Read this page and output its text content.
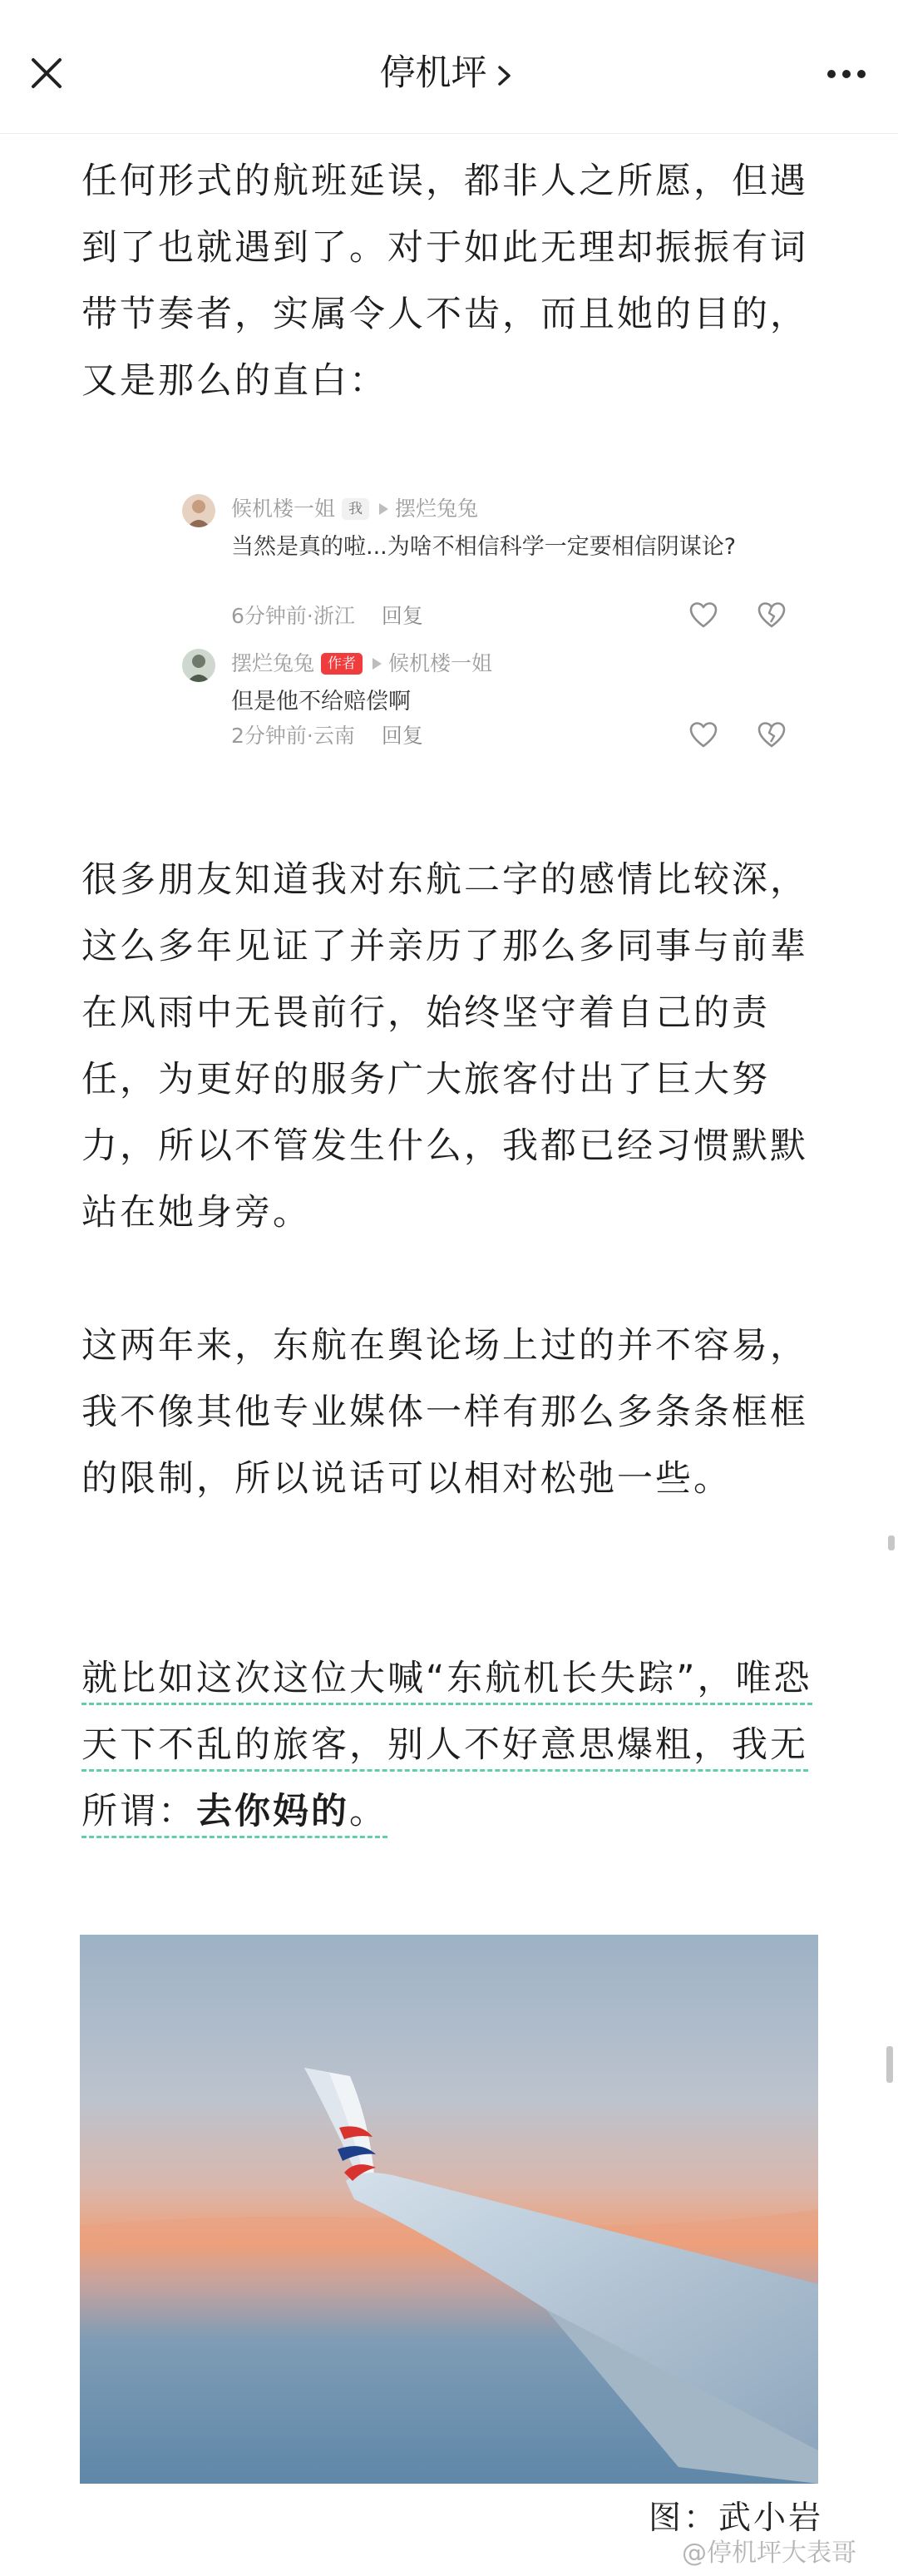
停机坪

任何形式的航班延误，都非人之所愿，但遇到了也就遇到了。对于如此无理却振振有词带节奏者，实属令人不齿，而且她的目的，又是那么的直白：

候机楼一姐 我 摆烂兔兔
当然是真的啦...为啥不相信科学一定要相信阴谋论?
6分钟前·浙江 回复
摆烂兔兔 作者 候机楼一姐
但是他不给赔偿啊
2分钟前·云南 回复

很多朋友知道我对东航二字的感情比较深，这么多年见证了并亲历了那么多同事与前辈在风雨中无畏前行，始终坚守着自己的责任，为更好的服务广大旅客付出了巨大努力，所以不管发生什么，我都已经习惯默默站在她身旁。

这两年来，东航在舆论场上过的并不容易，我不像其他专业媒体一样有那么多条条框框的限制，所以说话可以相对松弛一些。

就比如这次这位大喊“东航机长失踪”，唯恐天下不乱的旅客，别人不好意思爆粗，我无所谓：去你妈的。

图：武小岩
@停机坪大表哥
